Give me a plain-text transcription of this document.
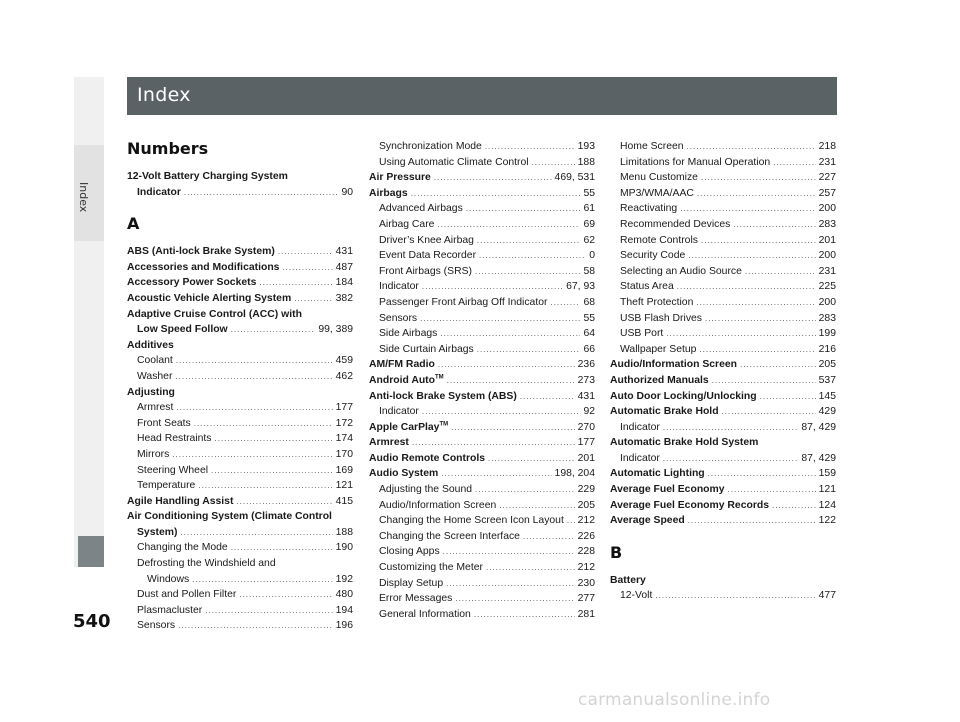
Index
Index
Numbers
12-Volt Battery Charging System
Indicator .....	90
A
ABS (Anti-lock Brake System) .....	431
Accessories and Modifications .....	487
Accessory Power Sockets .....	184
Acoustic Vehicle Alerting System .....	382
Adaptive Cruise Control (ACC) with
Low Speed Follow .....	99, 389
Additives
Coolant .....	459
Washer .....	462
Adjusting
Armrest .....	177
Front Seats .....	172
Head Restraints .....	174
Mirrors .....	170
Steering Wheel .....	169
Temperature .....	121
Agile Handling Assist .....	415
Air Conditioning System (Climate Control
System) .....	188
Changing the Mode .....	190
Defrosting the Windshield and
Windows .....	192
Dust and Pollen Filter .....	480
Plasmacluster .....	194
Sensors .....	196
Synchronization Mode .....	193
Using Automatic Climate Control .....	188
Air Pressure .....	469, 531
Airbags .....	55
Advanced Airbags .....	61
Airbag Care .....	69
Driver’s Knee Airbag .....	62
Event Data Recorder .....	0
Front Airbags (SRS) .....	58
Indicator .....	67, 93
Passenger Front Airbag Off Indicator .....	68
Sensors .....	55
Side Airbags .....	64
Side Curtain Airbags .....	66
AM/FM Radio .....	236
Android Auto™ .....	273
Anti-lock Brake System (ABS) .....	431
Indicator .....	92
Apple CarPlay™ .....	270
Armrest .....	177
Audio Remote Controls .....	201
Audio System .....	198, 204
Adjusting the Sound .....	229
Audio/Information Screen .....	205
Changing the Home Screen Icon Layout ..... 212
Changing the Screen Interface .....	226
Closing Apps .....	228
Customizing the Meter .....	212
Display Setup .....	230
Error Messages .....	277
General Information .....	281
Home Screen .....	218
Limitations for Manual Operation .....	231
Menu Customize .....	227
MP3/WMA/AAC .....	257
Reactivating .....	200
Recommended Devices .....	283
Remote Controls .....	201
Security Code .....	200
Selecting an Audio Source .....	231
Status Area .....	225
Theft Protection .....	200
USB Flash Drives .....	283
USB Port .....	199
Wallpaper Setup .....	216
Audio/Information Screen .....	205
Authorized Manuals .....	537
Auto Door Locking/Unlocking .....	145
Automatic Brake Hold .....	429
Indicator .....	87, 429
Automatic Brake Hold System
Indicator .....	87, 429
Automatic Lighting .....	159
Average Fuel Economy .....	121
Average Fuel Economy Records .....	124
Average Speed .....	122
B
Battery
12-Volt .....	477
540
carmanualsonline.info
